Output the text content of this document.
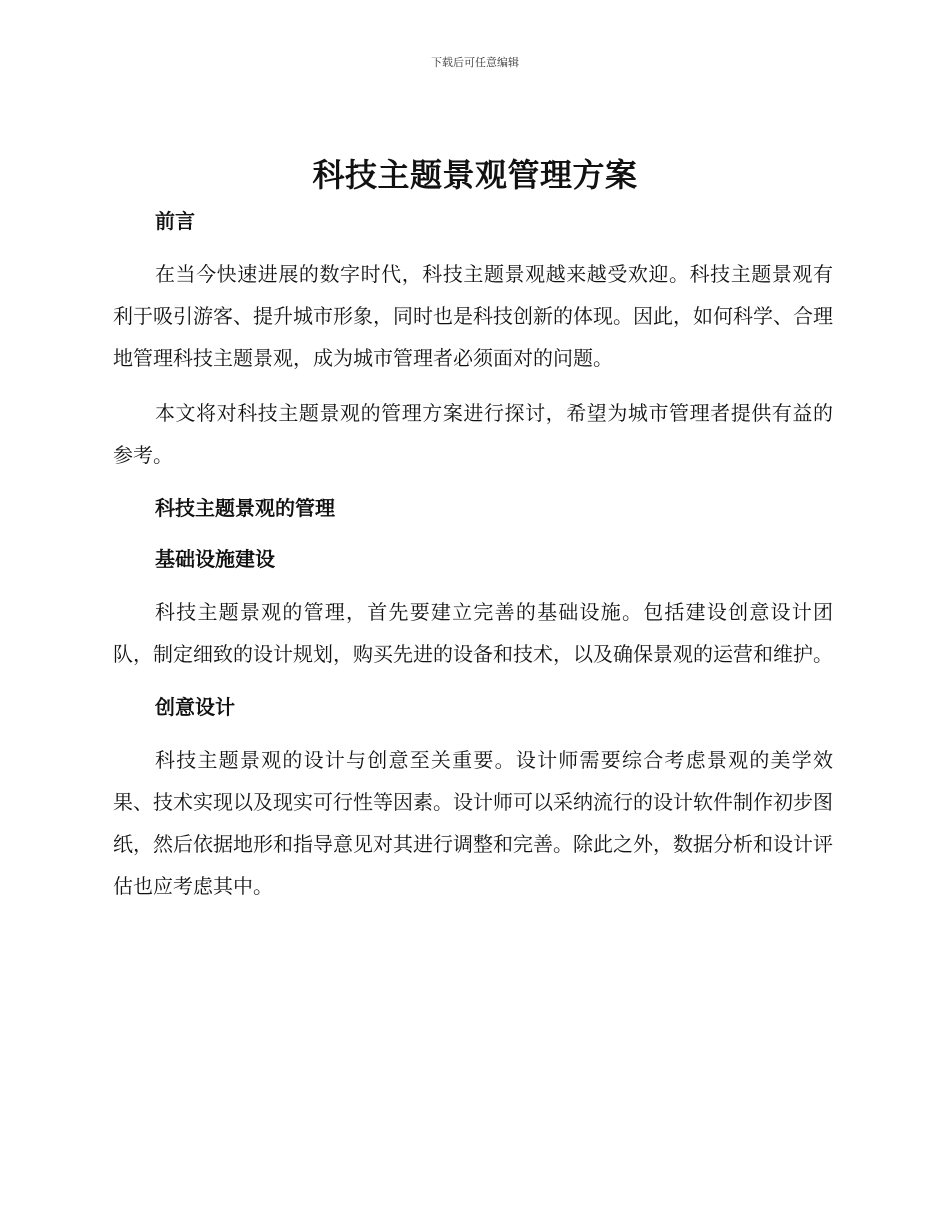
下载后可任意编辑
科技主题景观管理方案

前言

在当今快速进展的数字时代，科技主题景观越来越受欢迎。科技主题景观有利于吸引游客、提升城市形象，同时也是科技创新的体现。因此，如何科学、合理地管理科技主题景观，成为城市管理者必须面对的问题。

本文将对科技主题景观的管理方案进行探讨，希望为城市管理者提供有益的参考。

科技主题景观的管理

基础设施建设

科技主题景观的管理，首先要建立完善的基础设施。包括建设创意设计团队，制定细致的设计规划，购买先进的设备和技术，以及确保景观的运营和维护。

创意设计

科技主题景观的设计与创意至关重要。设计师需要综合考虑景观的美学效果、技术实现以及现实可行性等因素。设计师可以采纳流行的设计软件制作初步图纸，然后依据地形和指导意见对其进行调整和完善。除此之外，数据分析和设计评估也应考虑其中。
